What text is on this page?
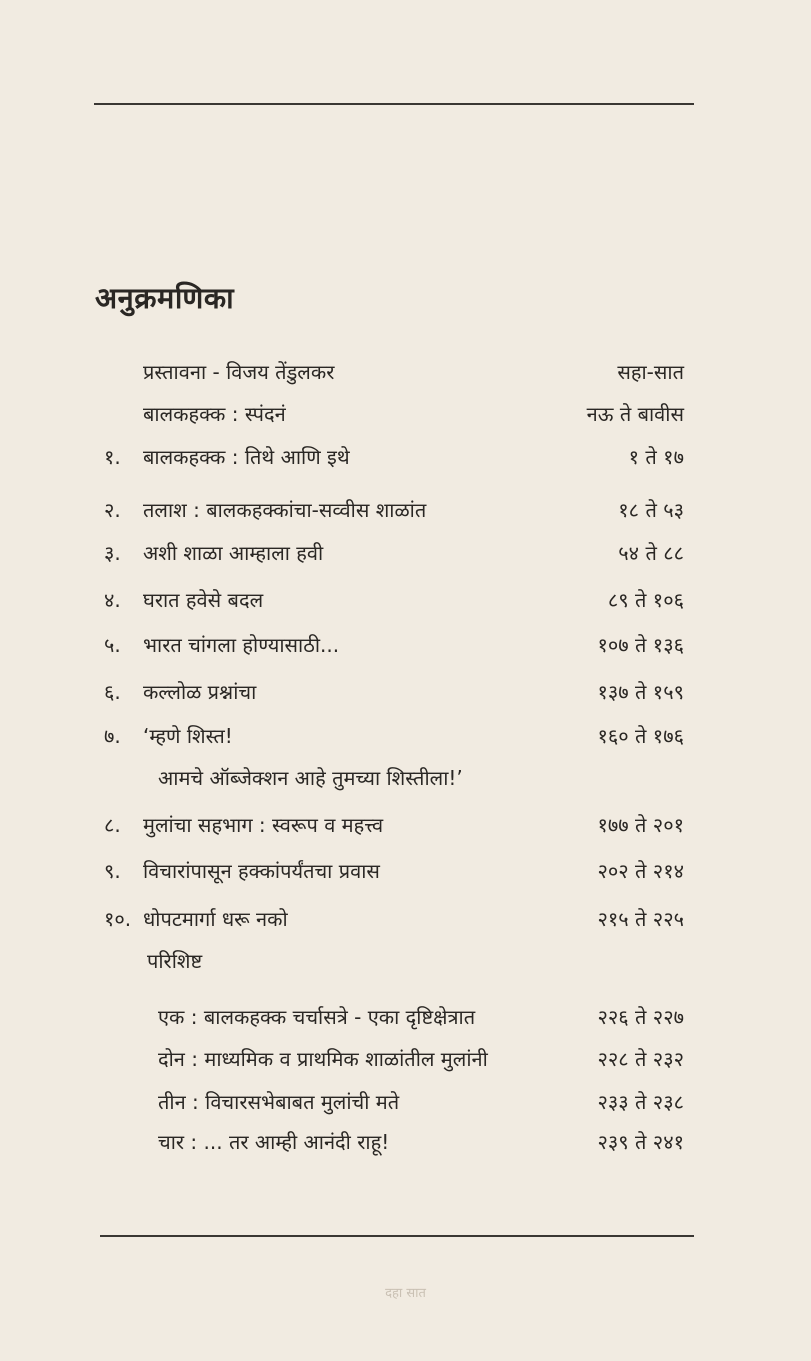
अनुक्रमणिका
प्रस्तावना - विजय तेंडुलकर	सहा-सात
बालकहक्क : स्पंदनं	नऊ ते बावीस
१. बालकहक्क : तिथे आणि इथे	१ ते १७
२. तलाश : बालकहक्कांचा-सव्वीस शाळांत	१८ ते ५३
३. अशी शाळा आम्हाला हवी	५४ ते ८८
४. घरात हवेसे बदल	८९ ते १०६
५. भारत चांगला होण्यासाठी...	१०७ ते १३६
६. कल्लोळ प्रश्नांचा	१३७ ते १५९
७. ‘म्हणे शिस्त!	१६० ते १७६
आमचे ऑब्जेक्शन आहे तुमच्या शिस्तीला!’
८. मुलांचा सहभाग : स्वरूप व महत्त्व	१७७ ते २०१
९. विचारांपासून हक्कांपर्यंतचा प्रवास	२०२ ते २१४
१०. धोपटमार्गा धरू नको	२१५ ते २२५
परिशिष्ट
एक : बालकहक्क चर्चासत्रे - एका दृष्टिक्षेत्रात	२२६ ते २२७
दोन : माध्यमिक व प्राथमिक शाळांतील मुलांनी	२२८ ते २३२
तीन : विचारसभेबाबत मुलांची मते	२३३ ते २३८
चार : ... तर आम्ही आनंदी राहू!	२३९ ते २४१
दहा सात
